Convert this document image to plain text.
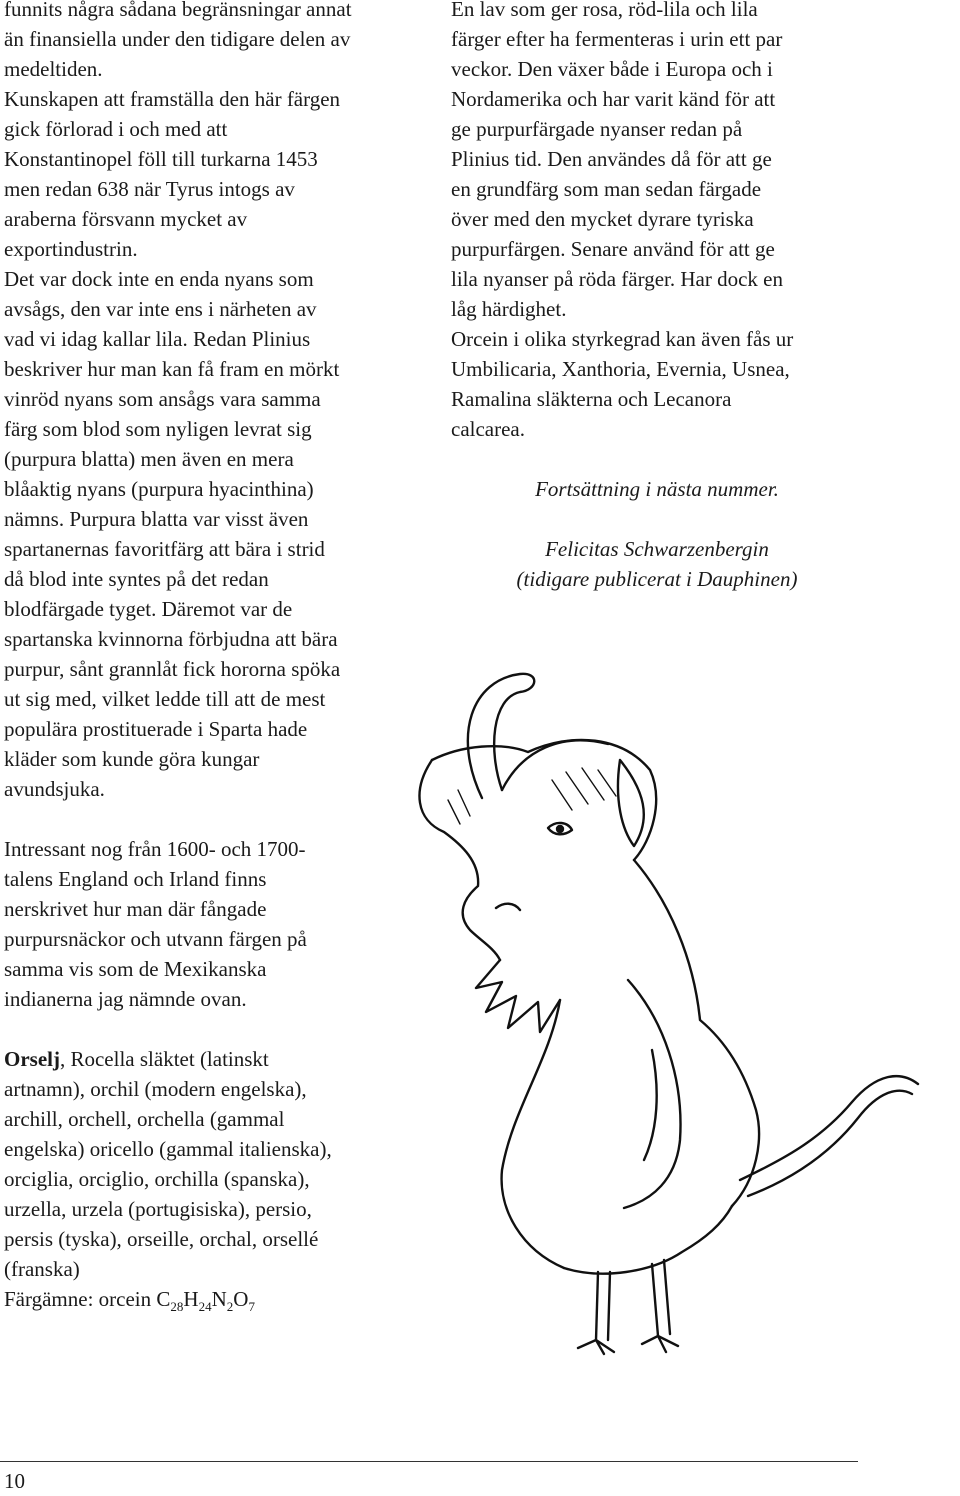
funnits några sådana begränsningar annat
än finansiella under den tidigare delen av
medeltiden.
Kunskapen att framställa den här färgen
gick förlorad i och med att
Konstantinopel föll till turkarna 1453
men redan 638 när Tyrus intogs av
araberna försvann mycket av
exportindustrin.

Det var dock inte en enda nyans som
avsågs, den var inte ens i närheten av
vad vi idag kallar lila. Redan Plinius
beskriver hur man kan få fram en mörkt
vinröd nyans som ansågs vara samma
färg som blod som nyligen levrat sig
(purpura blatta) men även en mera
blåaktig nyans (purpura hyacinthina)
nämns. Purpura blatta var visst även
spartanernas favoritfärg att bära i strid
då blod inte syntes på det redan
blodfärgade tyget. Däremot var de
spartanska kvinnorna förbjudna att bära
purpur, sånt grannlåt fick hororna spöka
ut sig med, vilket ledde till att de mest
populära prostituerade i Sparta hade
kläder som kunde göra kungar
avundsjuka.

Intressant nog från 1600- och 1700-
talens England och Irland finns
nerskrivet hur man där fångade
purpursnäckor och utvann färgen på
samma vis som de Mexikanska
indianerna jag nämnde ovan.

Orselj, Rocella släktet (latinskt
artnamn), orchil (modern engelska),
archill, orchell, orchella (gammal
engelska) oricello (gammal italienska),
orciglia, orciglio, orchilla (spanska),
urzella, urzela (portugisiska), persio,
persis (tyska), orseille, orchal, orsellé
(franska)

Färgämne: orcein $C_{28}H_{24}N_2O_7$

En lav som ger rosa, röd-lila och lila
färger efter ha fermenteras i urin ett par
veckor. Den växer både i Europa och i
Nordamerika och har varit känd för att
ge purpurfärgade nyanser redan på
Plinius tid. Den användes då för att ge
en grundfärg som man sedan färgade
över med den mycket dyrare tyriska
purpurfärgen. Senare använd för att ge
lila nyanser på röda färger. Har dock en
låg härdighet.
Orcein i olika styrkegrad kan även fås ur
Umbilicaria, Xanthoria, Evernia, Usnea,
Ramalina släkterna och Lecanora
calcarea.

Fortsättning i nästa nummer.

Felicitas Schwarzenbergin

(tidigare publicerat i Dauphinen)

10
